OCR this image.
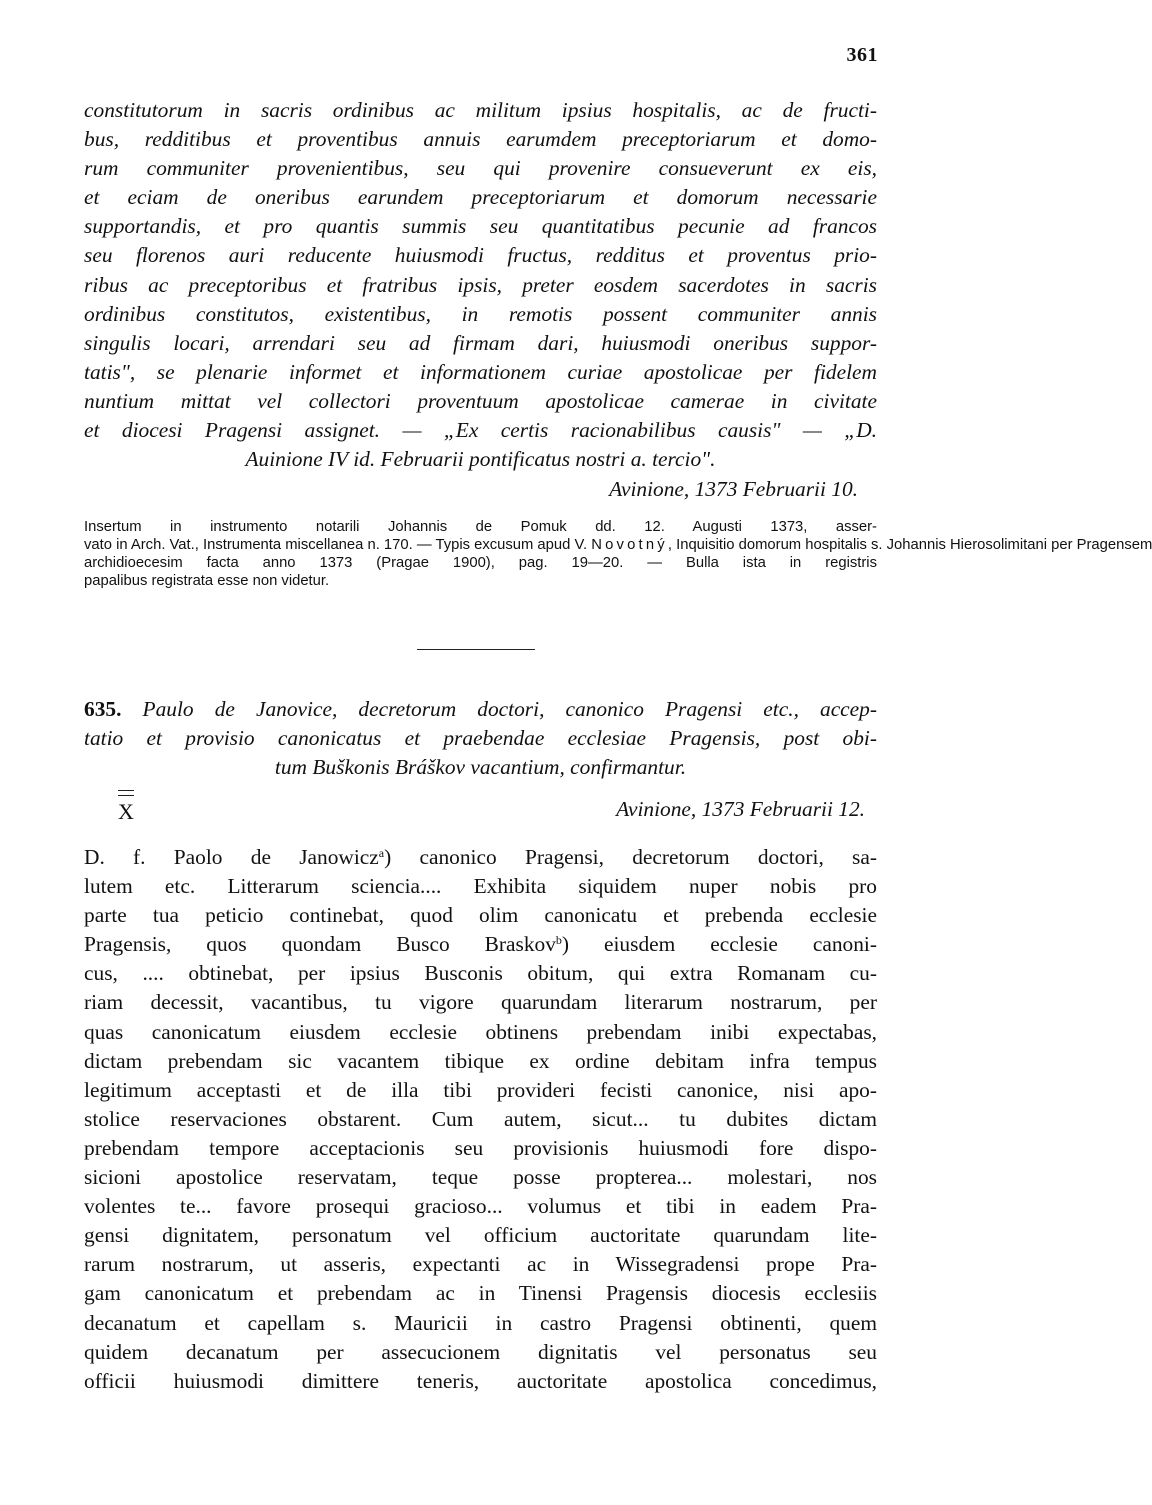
361
constitutorum in sacris ordinibus ac militum ipsius hospitalis, ac de fructi-
bus, redditibus et proventibus annuis earumdem preceptoriarum et domo-
rum communiter provenientibus, seu qui provenire consueverunt ex eis,
et eciam de oneribus earundem preceptoriarum et domorum necessarie
supportandis, et pro quantis summis seu quantitatibus pecunie ad francos
seu florenos auri reducente huiusmodi fructus, redditus et proventus prio-
ribus ac preceptoribus et fratribus ipsis, preter eosdem sacerdotes in sacris
ordinibus constitutos, existentibus, in remotis possent communiter annis
singulis locari, arrendari seu ad firmam dari, huiusmodi oneribus suppor-
tatis", se plenarie informet et informationem curiae apostolicae per fidelem
nuntium mittat vel collectori proventuum apostolicae camerae in civitate
et diocesi Pragensi assignet. — „Ex certis racionabilibus causis" — „D.
Auinione IV id. Februarii pontificatus nostri a. tercio".
Avinione, 1373 Februarii 10.
Insertum in instrumento notarili Johannis de Pomuk dd. 12. Augusti 1373, asser-
vato in Arch. Vat., Instrumenta miscellanea n. 170. — Typis excusum apud V. Novotný, Inquisitio domorum hospitalis s. Johannis Hierosolimitani per Pragensem
archidioecesim facta anno 1373 (Pragae 1900), pag. 19—20. — Bulla ista in registris
papalibus registrata esse non videtur.
635. Paulo de Janovice, decretorum doctori, canonico Pragensi etc., accep-
tatio et provisio canonicatus et praebendae ecclesiae Pragensis, post obi-
tum Buškonis Bráškov vacantium, confirmantur.
X	Avinione, 1373 Februarii 12.
D. f. Paolo de Janowicz$^a$) canonico Pragensi, decretorum doctori, sa-
lutem etc. Litterarum sciencia.... Exhibita siquidem nuper nobis pro
parte tua peticio continebat, quod olim canonicatu et prebenda ecclesie
Pragensis, quos quondam Busco Braskov$^b$) eiusdem ecclesie canoni-
cus, .... obtinebat, per ipsius Busconis obitum, qui extra Romanam cu-
riam decessit, vacantibus, tu vigore quarundam literarum nostrarum, per
quas canonicatum eiusdem ecclesie obtinens prebendam inibi expectabas,
dictam prebendam sic vacantem tibique ex ordine debitam infra tempus
legitimum acceptasti et de illa tibi provideri fecisti canonice, nisi apo-
stolice reservaciones obstarent. Cum autem, sicut... tu dubites dictam
prebendam tempore acceptacionis seu provisionis huiusmodi fore dispo-
sicioni apostolice reservatam, teque posse propterea... molestari, nos
volentes te... favore prosequi gracioso... volumus et tibi in eadem Pra-
gensi dignitatem, personatum vel officium auctoritate quarundam lite-
rarum nostrarum, ut asseris, expectanti ac in Wissegradensi prope Pra-
gam canonicatum et prebendam ac in Tinensi Pragensis diocesis ecclesiis
decanatum et capellam s. Mauricii in castro Pragensi obtinenti, quem
quidem decanatum per assecucionem dignitatis vel personatus seu
officii huiusmodi dimittere teneris, auctoritate apostolica concedimus,
